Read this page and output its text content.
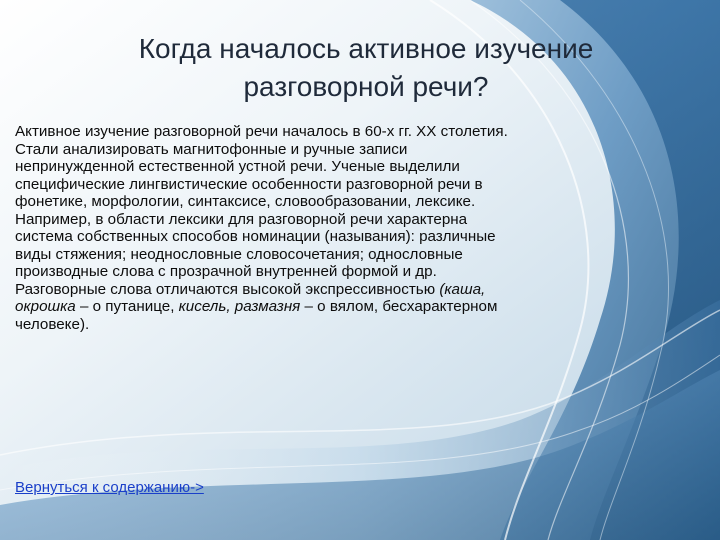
Когда началось активное изучение разговорной речи?
Активное изучение разговорной речи началось в 60-х гг. XX столетия. Стали анализировать магнитофонные и ручные записи непринужденной естественной устной речи. Ученые выделили специфические лингвистические особенности разговорной речи в фонетике, морфологии, синтаксисе, словообразовании, лексике. Например, в области лексики для разговорной речи характерна система собственных способов номинации (называния): различные виды стяжения; неоднословные словосочетания; однословные производные слова с прозрачной внутренней формой и др. Разговорные слова отличаются высокой экспрессивностью (каша, окрошка – о путанице, кисель, размазня – о вялом, бесхарактерном человеке).
Вернуться к содержанию->
